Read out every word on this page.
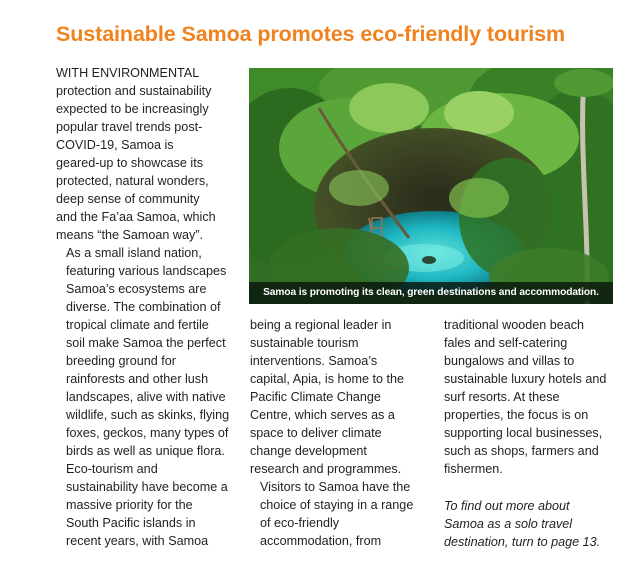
Sustainable Samoa promotes eco-friendly tourism

WITH ENVIRONMENTAL
protection and sustainability
expected to be increasingly
popular travel trends post-
COVID-19, Samoa is
geared-up to showcase its
protected, natural wonders,
deep sense of community
and the Fa’aa Samoa, which
means “the Samoan way”.

As a small island nation,
featuring various landscapes
Samoa’s ecosystems are
diverse. The combination of
tropical climate and fertile
soil make Samoa the perfect
breeding ground for
rainforests and other lush
landscapes, alive with native
wildlife, such as skinks, flying
foxes, geckos, many types of
birds as well as unique flora.

Eco-tourism and
sustainability have become a
massive priority for the
South Pacific islands in
recent years, with Samoa

Samoa is promoting its clean, green destinations and accommodation.

being a regional leader in
sustainable tourism
interventions. Samoa’s
capital, Apia, is home to the
Pacific Climate Change
Centre, which serves as a
space to deliver climate
change development
research and programmes.

Visitors to Samoa have the
choice of staying in a range
of eco-friendly
accommodation, from

traditional wooden beach
fales and self-catering
bungalows and villas to
sustainable luxury hotels and
surf resorts. At these
properties, the focus is on
supporting local businesses,
such as shops, farmers and
fishermen.

To find out more about
Samoa as a solo travel
destination, turn to page 13.
